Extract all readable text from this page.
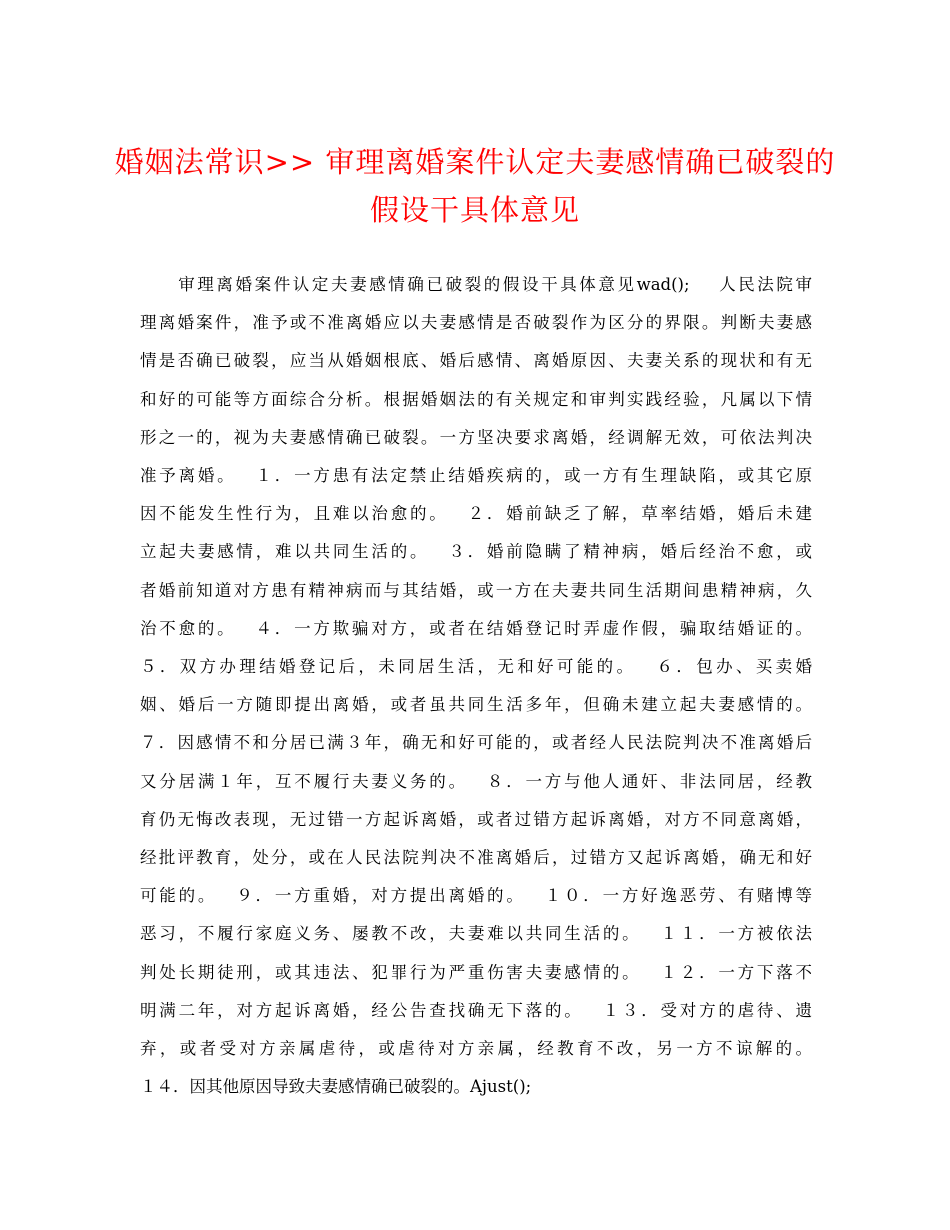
婚姻法常识>> 审理离婚案件认定夫妻感情确已破裂的
假设干具体意见
　　审理离婚案件认定夫妻感情确已破裂的假设干具体意见wad();　 人民法院审
理离婚案件，准予或不准离婚应以夫妻感情是否破裂作为区分的界限。判断夫妻感
情是否确已破裂，应当从婚姻根底、婚后感情、离婚原因、夫妻关系的现状和有无
和好的可能等方面综合分析。根据婚姻法的有关规定和审判实践经验，凡属以下情
形之一的，视为夫妻感情确已破裂。一方坚决要求离婚，经调解无效，可依法判决
准予离婚。　 １．一方患有法定禁止结婚疾病的，或一方有生理缺陷，或其它原
因不能发生性行为，且难以治愈的。　 ２．婚前缺乏了解，草率结婚，婚后未建
立起夫妻感情，难以共同生活的。　 ３．婚前隐瞒了精神病，婚后经治不愈，或
者婚前知道对方患有精神病而与其结婚，或一方在夫妻共同生活期间患精神病，久
治不愈的。　 ４．一方欺骗对方，或者在结婚登记时弄虚作假，骗取结婚证的。
５．双方办理结婚登记后，未同居生活，无和好可能的。　 ６．包办、买卖婚
姻、婚后一方随即提出离婚，或者虽共同生活多年，但确未建立起夫妻感情的。
７．因感情不和分居已满３年，确无和好可能的，或者经人民法院判决不准离婚后
又分居满１年，互不履行夫妻义务的。　 ８．一方与他人通奸、非法同居，经教
育仍无悔改表现，无过错一方起诉离婚，或者过错方起诉离婚，对方不同意离婚，
经批评教育，处分，或在人民法院判决不准离婚后，过错方又起诉离婚，确无和好
可能的。　 ９．一方重婚，对方提出离婚的。　 １０．一方好逸恶劳、有赌博等
恶习，不履行家庭义务、屡教不改，夫妻难以共同生活的。　 １１．一方被依法
判处长期徒刑，或其违法、犯罪行为严重伤害夫妻感情的。　 １２．一方下落不
明满二年，对方起诉离婚，经公告查找确无下落的。　 １３．受对方的虐待、遗
弃，或者受对方亲属虐待，或虐待对方亲属，经教育不改，另一方不谅解的。
１４．因其他原因导致夫妻感情确已破裂的。Ajust();
